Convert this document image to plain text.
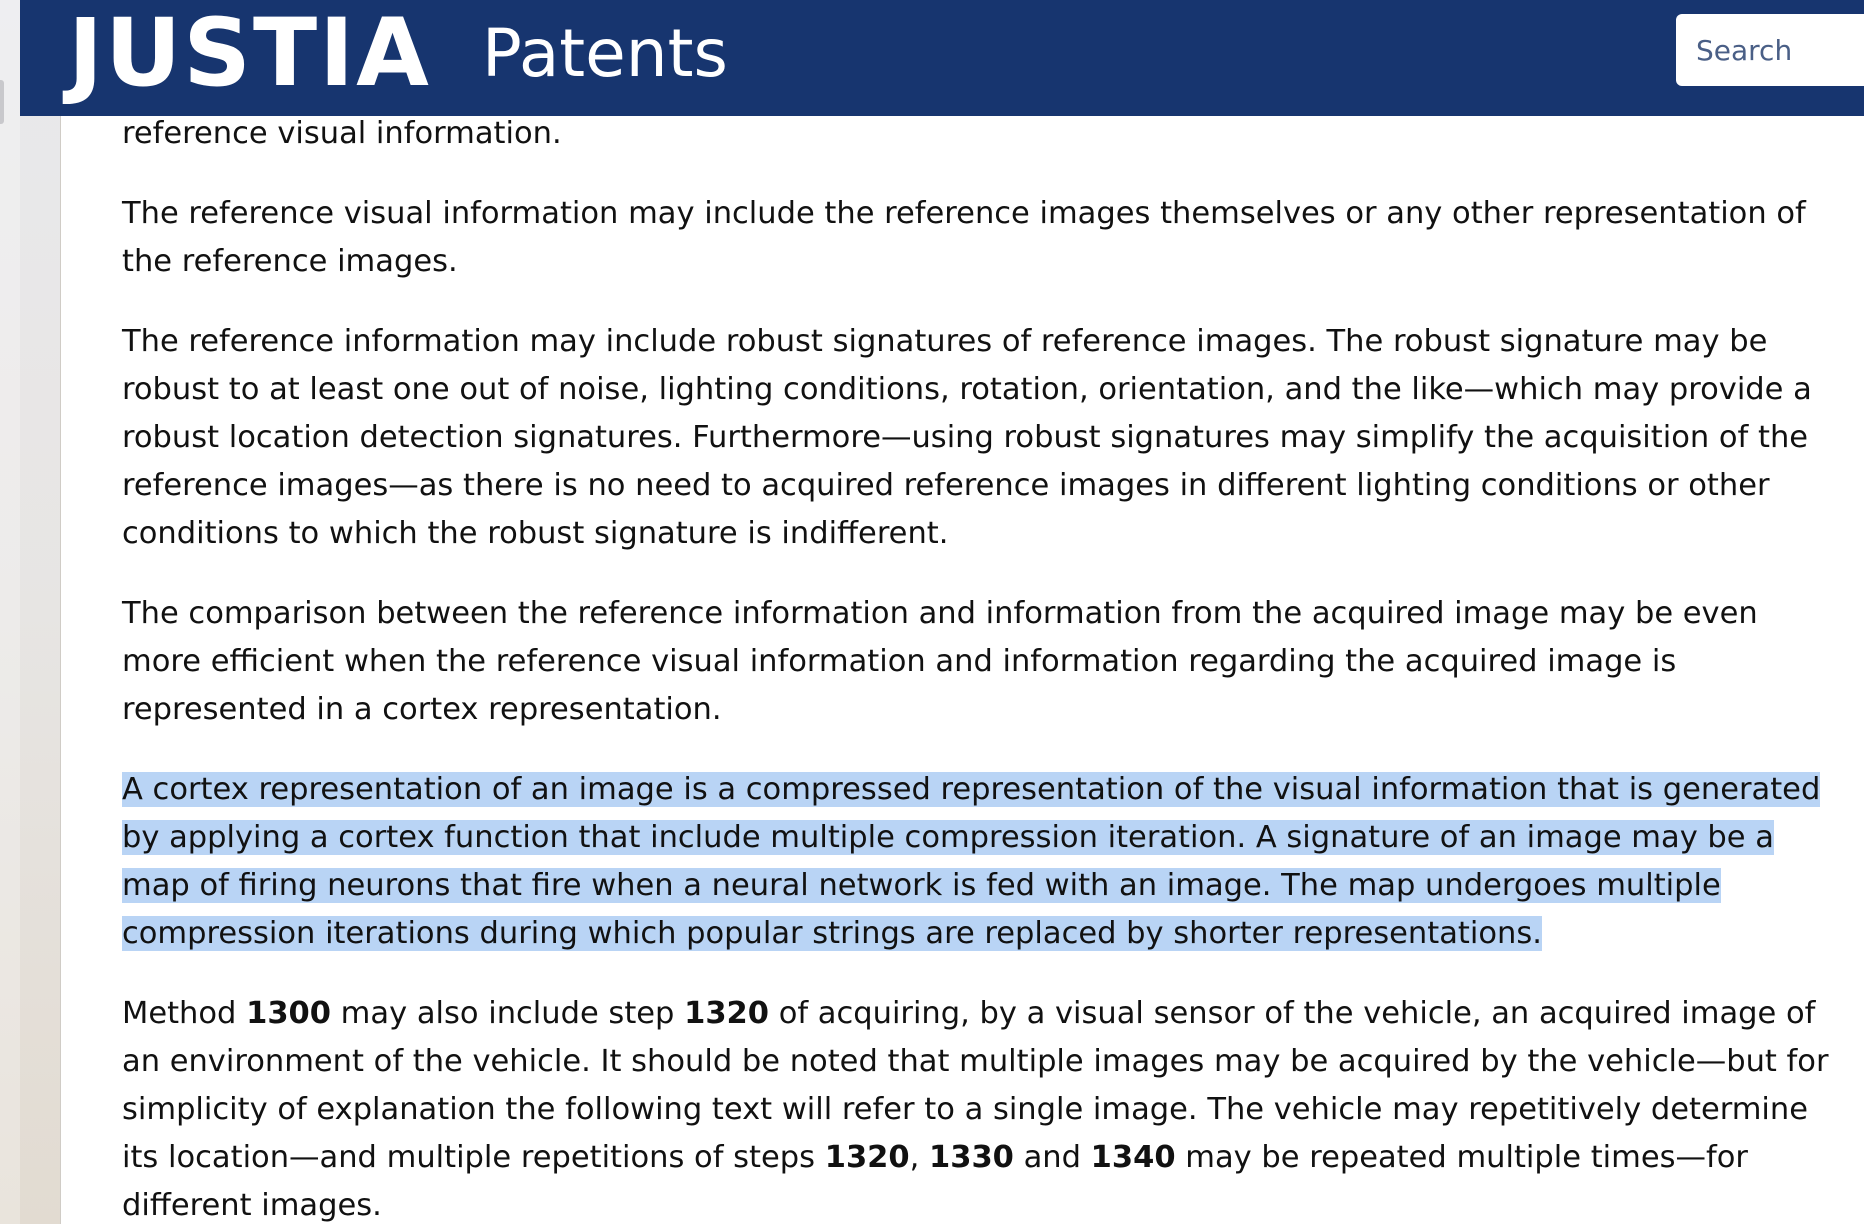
JUSTIA Patents
Search

reference visual information.

The reference visual information may include the reference images themselves or any other representation of the reference images.

The reference information may include robust signatures of reference images. The robust signature may be robust to at least one out of noise, lighting conditions, rotation, orientation, and the like—which may provide a robust location detection signatures. Furthermore—using robust signatures may simplify the acquisition of the reference images—as there is no need to acquired reference images in different lighting conditions or other conditions to which the robust signature is indifferent.

The comparison between the reference information and information from the acquired image may be even more efficient when the reference visual information and information regarding the acquired image is represented in a cortex representation.

A cortex representation of an image is a compressed representation of the visual information that is generated by applying a cortex function that include multiple compression iteration. A signature of an image may be a map of firing neurons that fire when a neural network is fed with an image. The map undergoes multiple compression iterations during which popular strings are replaced by shorter representations.

Method 1300 may also include step 1320 of acquiring, by a visual sensor of the vehicle, an acquired image of an environment of the vehicle. It should be noted that multiple images may be acquired by the vehicle—but for simplicity of explanation the following text will refer to a single image. The vehicle may repetitively determine its location—and multiple repetitions of steps 1320, 1330 and 1340 may be repeated multiple times—for different images.
